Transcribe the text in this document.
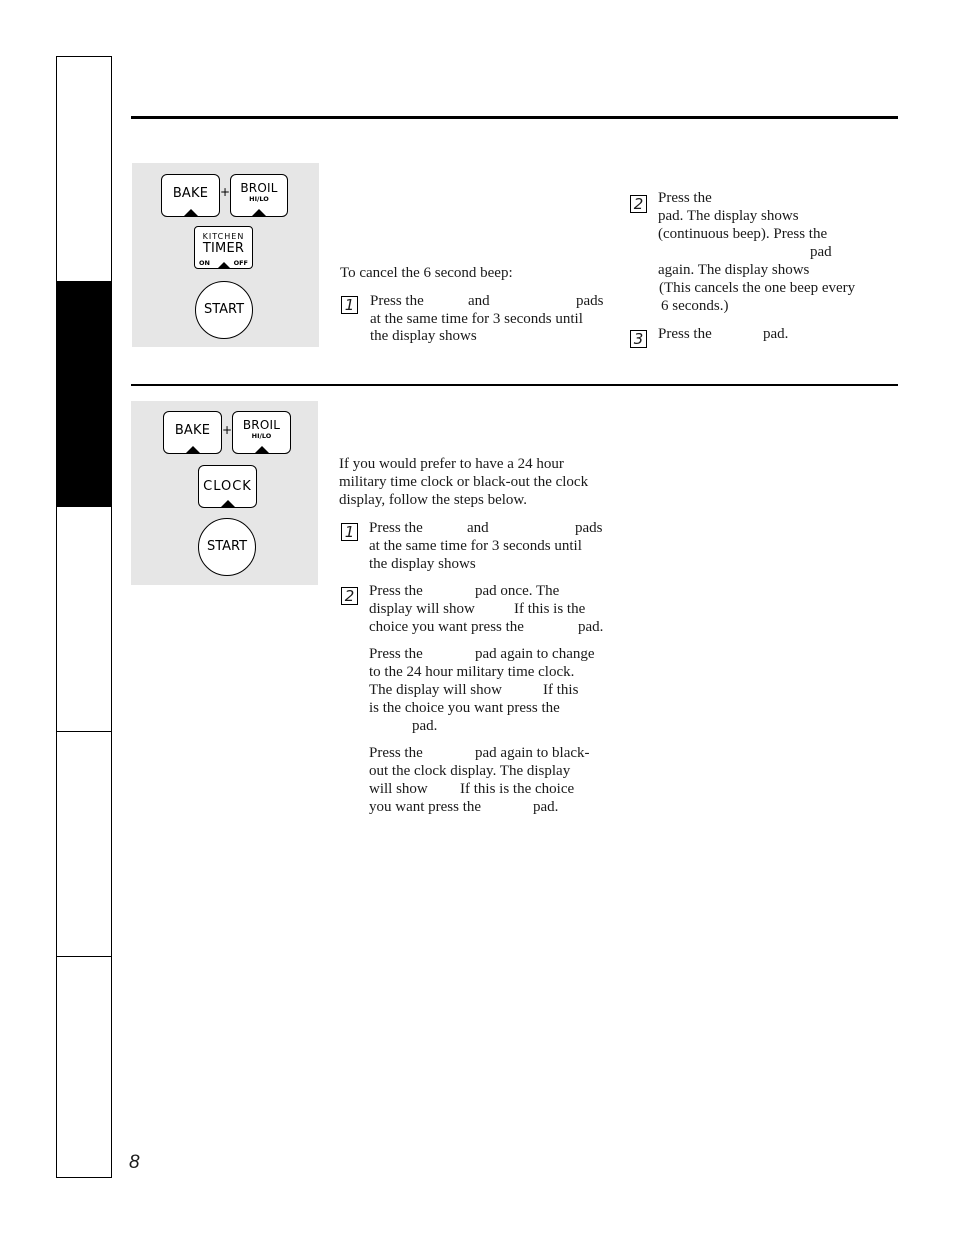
BAKE + BROIL
HI/LO
KITCHEN
TIMER
ON	OFF
START
To cancel the 6 second beep:
1 Press the	and	pads
at the same time for 3 seconds until
the display shows
2 Press the
pad. The display shows
(continuous beep). Press the
pad
again. The display shows
(This cancels the one beep every
6 seconds.)
3 Press the	pad.
BAKE + BROIL
HI/LO
CLOCK
START
If you would prefer to have a 24 hour
military time clock or black-out the clock
display, follow the steps below.
1 Press the	and	pads
at the same time for 3 seconds until
the display shows
2 Press the	pad once. The
display will show	If this is the
choice you want press the	pad.
Press the	pad again to change
to the 24 hour military time clock.
The display will show	If this
is the choice you want press the
pad.
Press the	pad again to black-
out the clock display. The display
will show If this is the choice
you want press the	pad.
8
